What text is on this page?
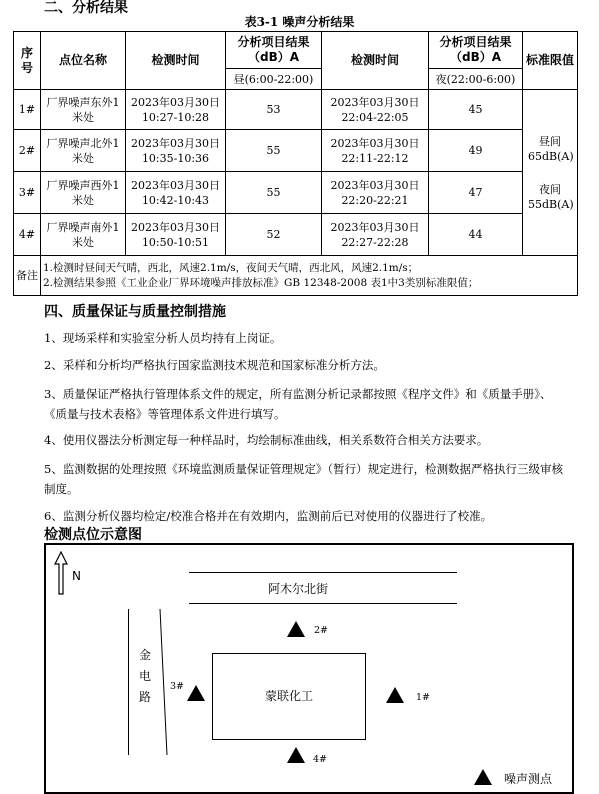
二、分析结果
表3-1 噪声分析结果
序号	点位名称	检测时间	分析项目结果（dB）A	检测时间	分析项目结果（dB）A	标准限值
			昼(6:00-22:00)		夜(22:00-6:00)	
1#	厂界噪声东外1米处	2023年03月30日 10:27-10:28	53	2023年03月30日 22:04-22:05	45	昼间65dB(A)
夜间55dB(A)

2#	厂界噪声北外1米处	2023年03月30日 10:35-10:36	55	2023年03月30日 22:11-22:12	49	
3#	厂界噪声西外1米处	2023年03月30日 10:42-10:43	55	2023年03月30日 22:20-22:21	47	
4#	厂界噪声南外1米处	2023年03月30日 10:50-10:51	52	2023年03月30日 22:27-22:28	44	
备注	1.检测时昼间天气晴，西北，风速2.1m/s，夜间天气晴，西北风，风速2.1m/s；
2.检测结果参照《工业企业厂界环境噪声排放标准》GB 12348-2008 表1中3类别标准限值；					
四、质量保证与质量控制措施
1、现场采样和实验室分析人员均持有上岗证。
2、采样和分析均严格执行国家监测技术规范和国家标准分析方法。
3、质量保证严格执行管理体系文件的规定，所有监测分析记录都按照《程序文件》和《质量手册》、《质量与技术表格》等管理体系文件进行填写。
4、使用仪器法分析测定每一种样品时，均绘制标准曲线，相关系数符合相关方法要求。
5、监测数据的处理按照《环境监测质量保证管理规定》（暂行）规定进行，检测数据严格执行三级审核制度。
6、监测分析仪器均检定/校准合格并在有效期内，监测前后已对使用的仪器进行了校准。
检测点位示意图
N
阿木尔北街
金电路	蒙联化工
2#
3#
1#
4#
噪声测点
